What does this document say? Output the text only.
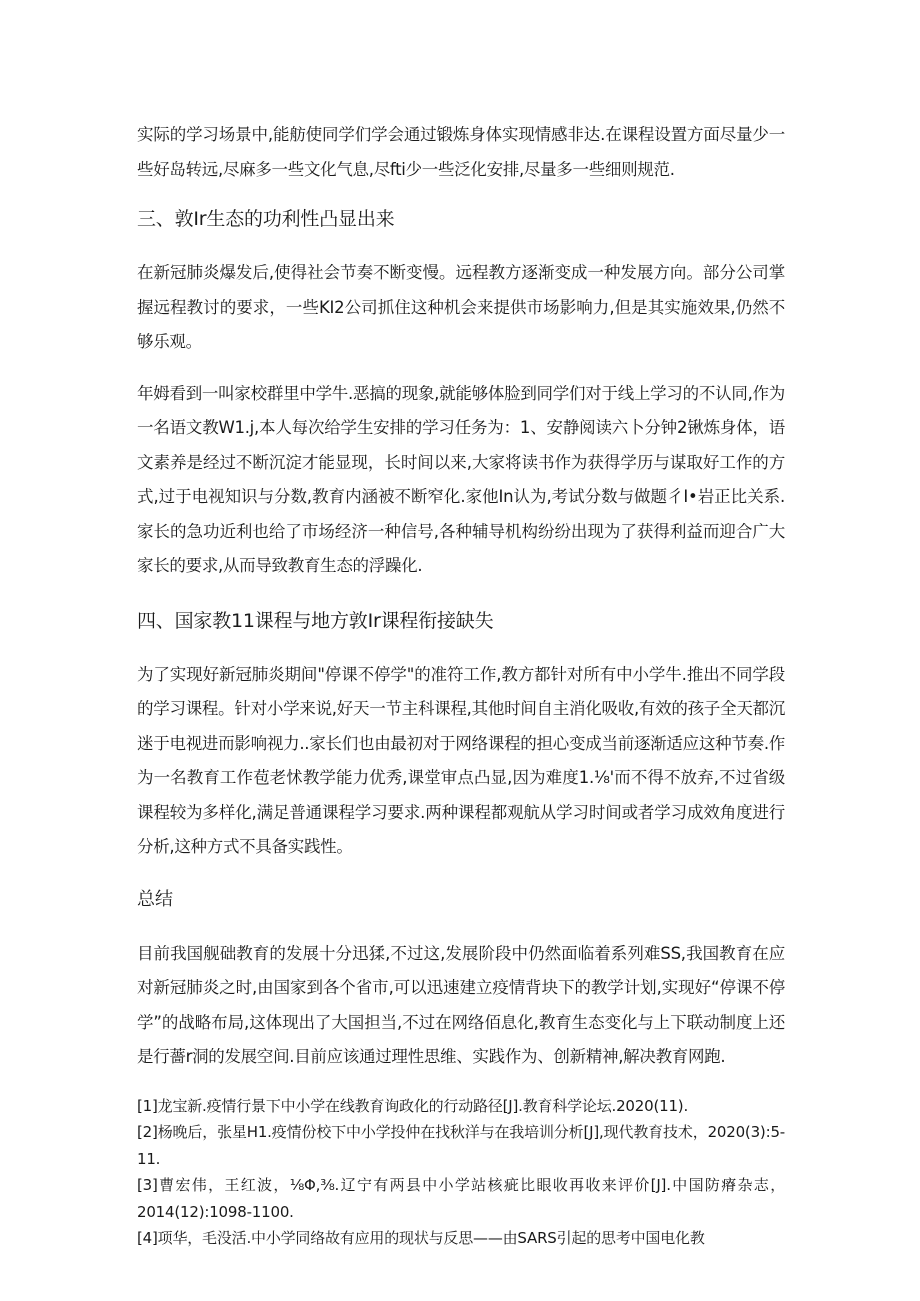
实际的学习场景中,能舫使同学们学会通过锻炼身体实现情感非达.在课程设置方面尽量少一些好岛转远,尽麻多一些文化气息,尽fti少一些泛化安排,尽量多一些细则规范.

三、敦Ir生态的功利性凸显出来

在新冠肺炎爆发后,使得社会节奏不断变慢。远程教方逐渐变成一种发展方向。部分公司掌握远程教讨的要求，一些KI2公司抓住这种机会来提供市场影响力,但是其实施效果,仍然不够乐观。

年姆看到一叫家校群里中学牛.恶搞的现象,就能够体脸到同学们对于线上学习的不认同,作为一名语文教W1.j,本人每次给学生安排的学习任务为：1、安静阅读六卜分钟2锹炼身体，语文素养是经过不断沉淀才能显现，长时间以来,大家将读书作为获得学历与谋取好工作的方式,过于电视知识与分数,教育内涵被不断窄化.家他In认为,考试分数与做题彳I•岩正比关系.家长的急功近利也给了市场经济一种信号,各种辅导机构纷纷出现为了获得利益而迎合广大家长的要求,从而导致教育生态的浮躁化.

四、国家教11课程与地方敦Ir课程衔接缺失

为了实现好新冠肺炎期间"停课不停学"的准符工作,教方都针对所有中小学牛.推出不同学段的学习课程。针对小学来说,好天一节主科课程,其他时间自主消化吸收,有效的孩子全天都沉迷于电视进而影响视力..家长们也由最初对于网络课程的担心变成当前逐渐适应这种节奏.作为一名教育工作苞老怵教学能力优秀,课堂审点凸显,因为难度1.⅛'而不得不放弃,不过省级课程较为多样化,满足普通课程学习要求.两种课程都观航从学习时间或者学习成效角度进行分析,这种方式不具备实践性。

总结

目前我国舰础教育的发展十分迅猱,不过这,发展阶段中仍然面临着系列难SS,我国教育在应对新冠肺炎之时,由国家到各个省市,可以迅速建立疫情背块下的教学计划,实现好“停课不停学”的战略布局,这体现出了大国担当,不过在网络佰息化,教育生态变化与上下联动制度上还是行薔r洞的发展空间.目前应该通过理性思维、实践作为、创新精神,解决教育网跑.

[1]龙宝新.疫情行景下中小学在线教育询政化的行动路径[J].教育科学论坛.2020(11).
[2]杨晚后，张星H1.疫情份校下中小学投仲在找秋洋与在我培训分析[J],现代教育技术，2020(3):5-11.
[3]曹宏伟，王红波，⅛Φ,⅜.辽宁有两县中小学站核疵比眼收再收来评价[J].中国防瘠杂志，2014(12):1098-1100.
[4]项华，毛没活.中小学同络故有应用的现状与反思——由SARS引起的思考中国电化教
